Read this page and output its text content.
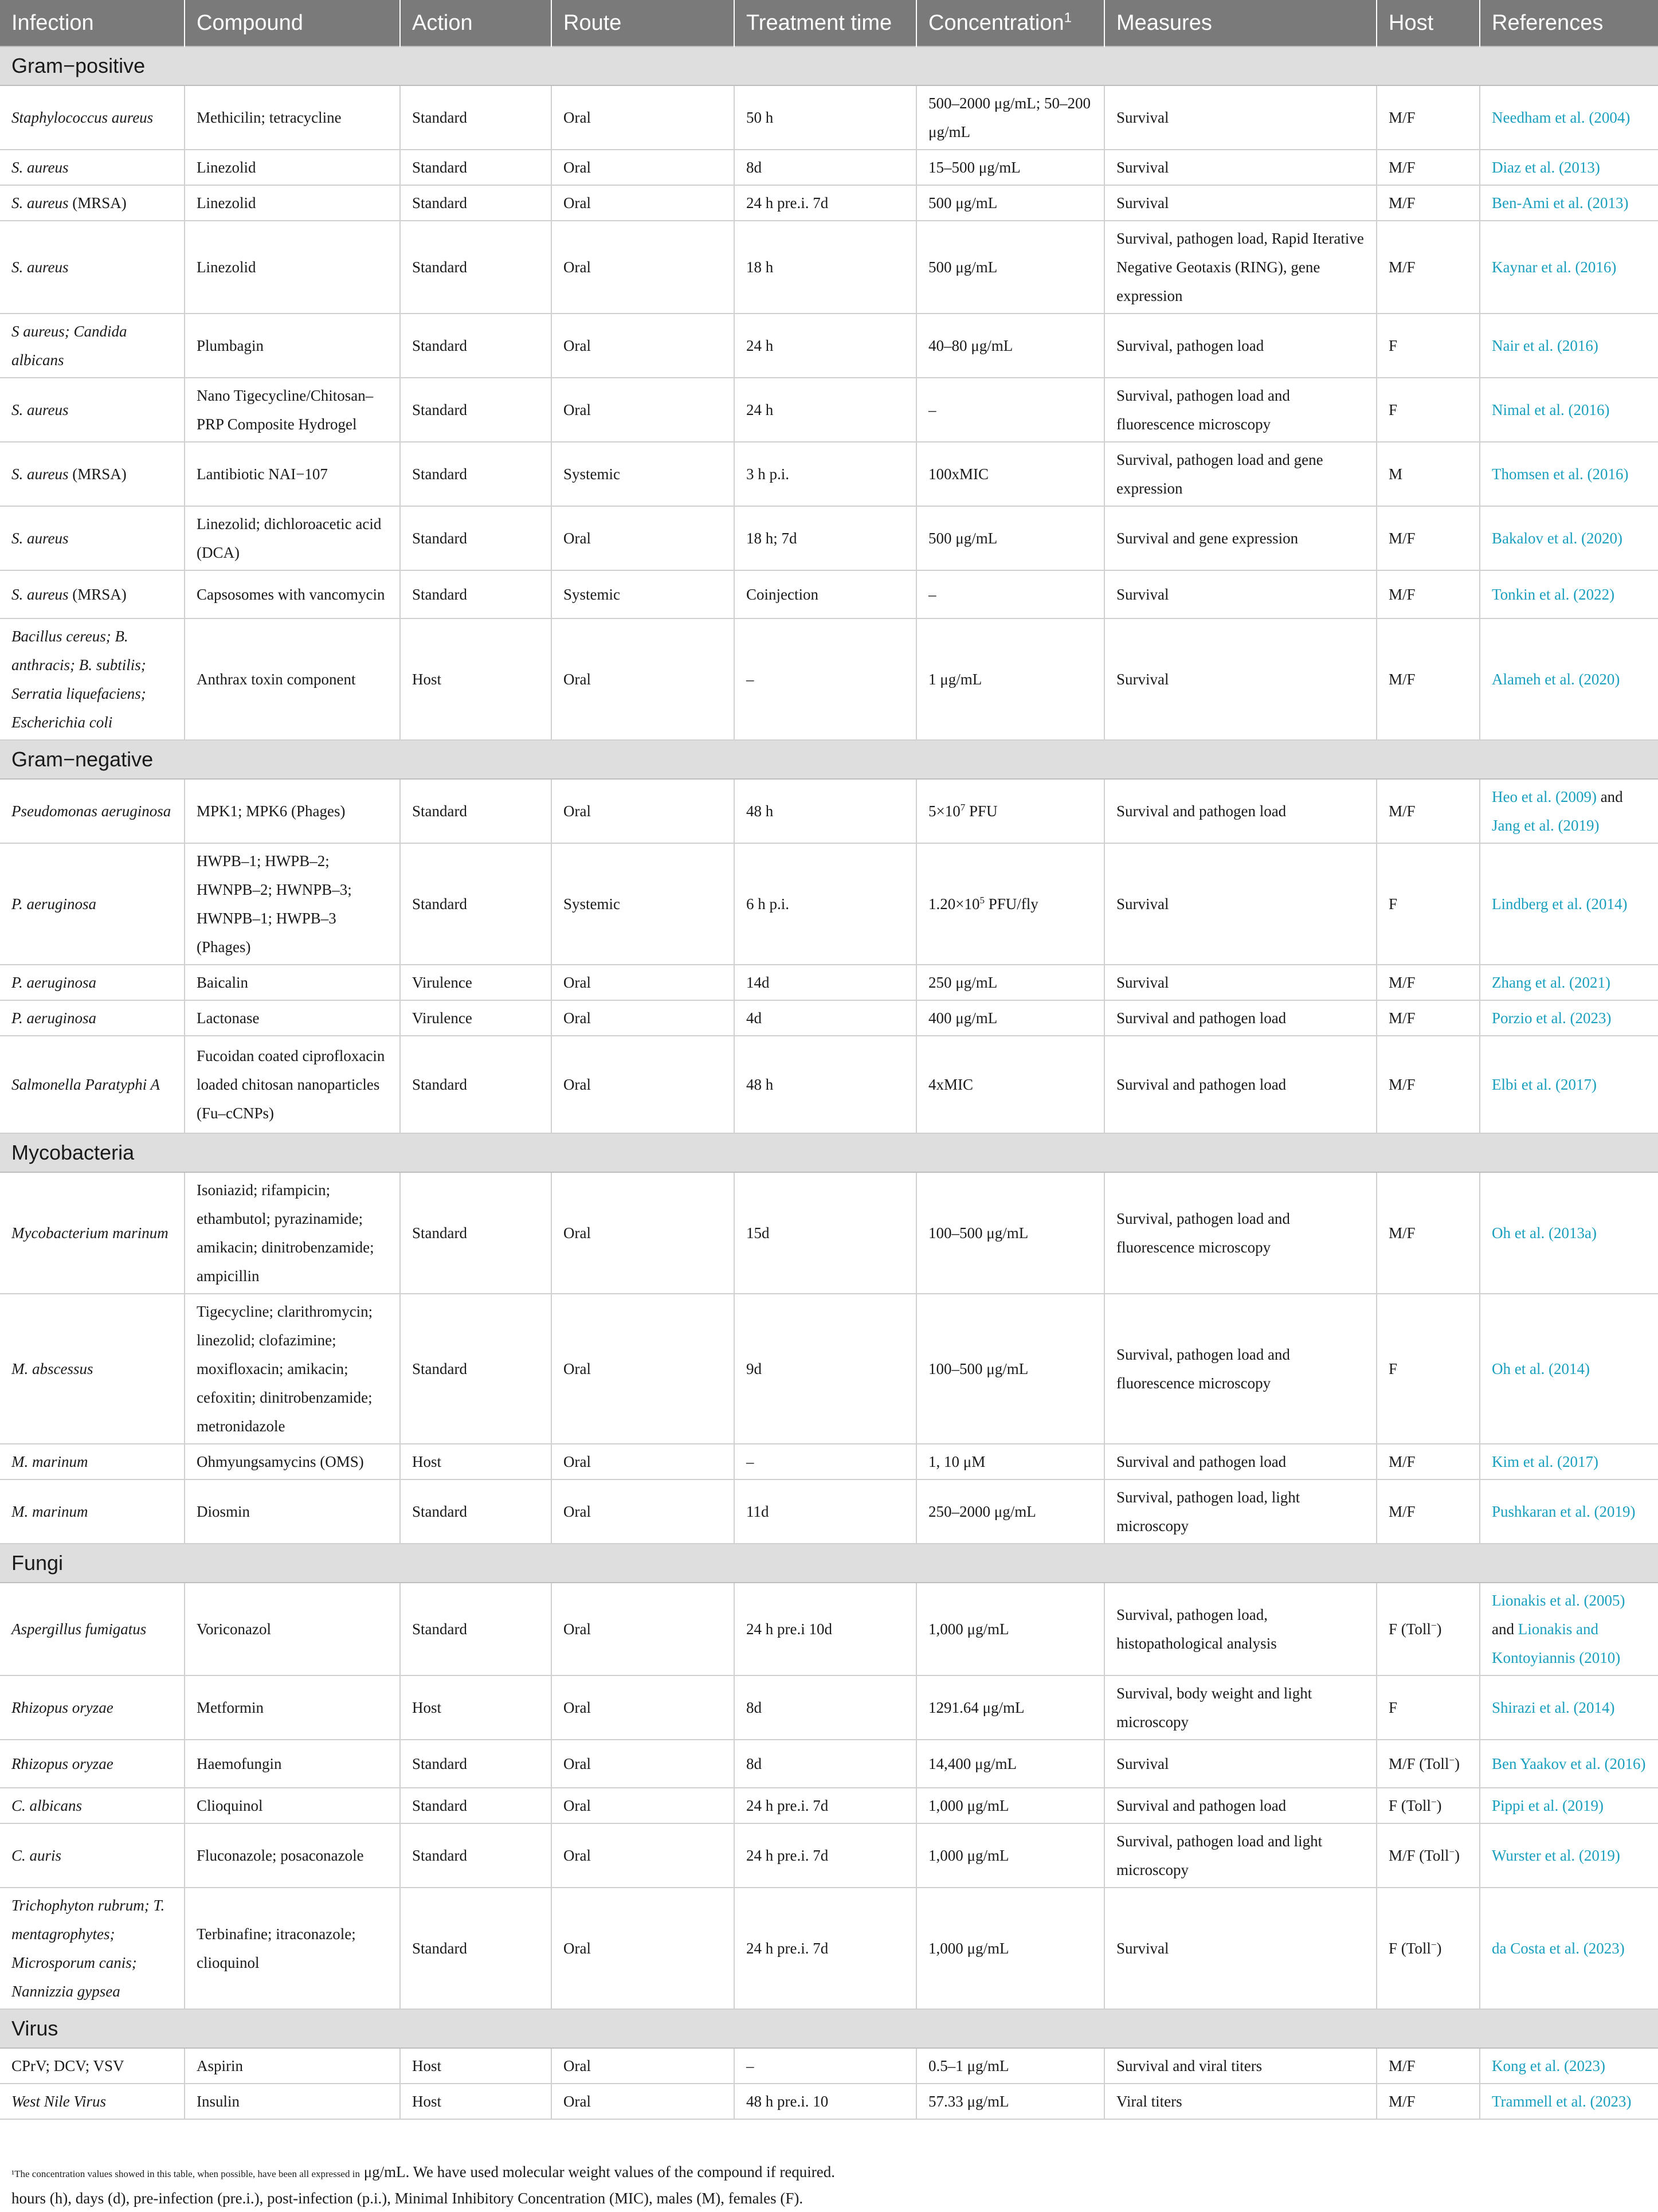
Infection	Compound	Action	Route	Treatment time	Concentration$^1$	Measures	Host	References
Gram−positive								
Staphylococcus aureus	Methicilin; tetracycline	Standard	Oral	50 h	500–2000 μg/mL; 50–200 μg/mL	Survival	M/F	Needham et al. (2004)
S. aureus	Linezolid	Standard	Oral	8d	15–500 μg/mL	Survival	M/F	Diaz et al. (2013)
S. aureus (MRSA)	Linezolid	Standard	Oral	24 h pre.i. 7d	500 μg/mL	Survival	M/F	Ben-Ami et al. (2013)
S. aureus	Linezolid	Standard	Oral	18 h	500 μg/mL	Survival, pathogen load, Rapid Iterative Negative Geotaxis (RING), gene expression	M/F	Kaynar et al. (2016)
S aureus; Candida albicans	Plumbagin	Standard	Oral	24 h	40–80 μg/mL	Survival, pathogen load	F	Nair et al. (2016)
S. aureus	Nano Tigecycline/Chitosan–PRP Composite Hydrogel	Standard	Oral	24 h	–	Survival, pathogen load and fluorescence microscopy	F	Nimal et al. (2016)
S. aureus (MRSA)	Lantibiotic NAI−107	Standard	Systemic	3 h p.i.	100xMIC	Survival, pathogen load and gene expression	M	Thomsen et al. (2016)
S. aureus	Linezolid; dichloroacetic acid (DCA)	Standard	Oral	18 h; 7d	500 μg/mL	Survival and gene expression	M/F	Bakalov et al. (2020)
S. aureus (MRSA)	Capsosomes with vancomycin	Standard	Systemic	Coinjection	–	Survival	M/F	Tonkin et al. (2022)
Bacillus cereus; B. anthracis; B. subtilis; Serratia liquefaciens; Escherichia coli	Anthrax toxin component	Host	Oral	–	1 μg/mL	Survival	M/F	Alameh et al. (2020)
Gram−negative								
Pseudomonas aeruginosa	MPK1; MPK6 (Phages)	Standard	Oral	48 h	$5\times 10^7$ PFU	Survival and pathogen load	M/F	Heo et al. (2009) and Jang et al. (2019)
P. aeruginosa	HWPB–1; HWPB–2; HWNPB–2; HWNPB–3; HWNPB–1; HWPB–3 (Phages)	Standard	Systemic	6 h p.i.	$1.20\times 10^5$ PFU/fly	Survival	F	Lindberg et al. (2014)
P. aeruginosa	Baicalin	Virulence	Oral	14d	250 μg/mL	Survival	M/F	Zhang et al. (2021)
P. aeruginosa	Lactonase	Virulence	Oral	4d	400 μg/mL	Survival and pathogen load	M/F	Porzio et al. (2023)
Salmonella Paratyphi A	Fucoidan coated ciprofloxacin loaded chitosan nanoparticles (Fu–cCNPs)	Standard	Oral	48 h	4xMIC	Survival and pathogen load	M/F	Elbi et al. (2017)
Mycobacteria								
Mycobacterium marinum	Isoniazid; rifampicin; ethambutol; pyrazinamide; amikacin; dinitrobenzamide; ampicillin	Standard	Oral	15d	100–500 μg/mL	Survival, pathogen load and fluorescence microscopy	M/F	Oh et al. (2013a)
M. abscessus	Tigecycline; clarithromycin; linezolid; clofazimine; moxifloxacin; amikacin; cefoxitin; dinitrobenzamide; metronidazole	Standard	Oral	9d	100–500 μg/mL	Survival, pathogen load and fluorescence microscopy	F	Oh et al. (2014)
M. marinum	Ohmyungsamycins (OMS)	Host	Oral	–	1, 10 μM	Survival and pathogen load	M/F	Kim et al. (2017)
M. marinum	Diosmin	Standard	Oral	11d	250–2000 μg/mL	Survival, pathogen load, light microscopy	M/F	Pushkaran et al. (2019)
Fungi								
Aspergillus fumigatus	Voriconazol	Standard	Oral	24 h pre.i 10d	1,000 μg/mL	Survival, pathogen load, histopathological analysis	F (Toll−)	Lionakis et al. (2005) and Lionakis and Kontoyiannis (2010)
Rhizopus oryzae	Metformin	Host	Oral	8d	1291.64 μg/mL	Survival, body weight and light microscopy	F	Shirazi et al. (2014)
Rhizopus oryzae	Haemofungin	Standard	Oral	8d	14,400 μg/mL	Survival	M/F (Toll−)	Ben Yaakov et al. (2016)
C. albicans	Clioquinol	Standard	Oral	24 h pre.i. 7d	1,000 μg/mL	Survival and pathogen load	F (Toll−)	Pippi et al. (2019)
C. auris	Fluconazole; posaconazole	Standard	Oral	24 h pre.i. 7d	1,000 μg/mL	Survival, pathogen load and light microscopy	M/F (Toll−)	Wurster et al. (2019)
Trichophyton rubrum; T. mentagrophytes; Microsporum canis; Nannizzia gypsea	Terbinafine; itraconazole; clioquinol	Standard	Oral	24 h pre.i. 7d	1,000 μg/mL	Survival	F (Toll−)	da Costa et al. (2023)
Virus								
CPrV; DCV; VSV	Aspirin	Host	Oral	–	0.5–1 μg/mL	Survival and viral titers	M/F	Kong et al. (2023)
West Nile Virus	Insulin	Host	Oral	48 h pre.i. 10	57.33 μg/mL	Viral titers	M/F	Trammell et al. (2023)
¹The concentration values showed in this table, when possible, have been all expressed in μg/mL. We have used molecular weight values of the compound if required.
hours (h), days (d), pre-infection (pre.i.), post-infection (p.i.), Minimal Inhibitory Concentration (MIC), males (M), females (F).
